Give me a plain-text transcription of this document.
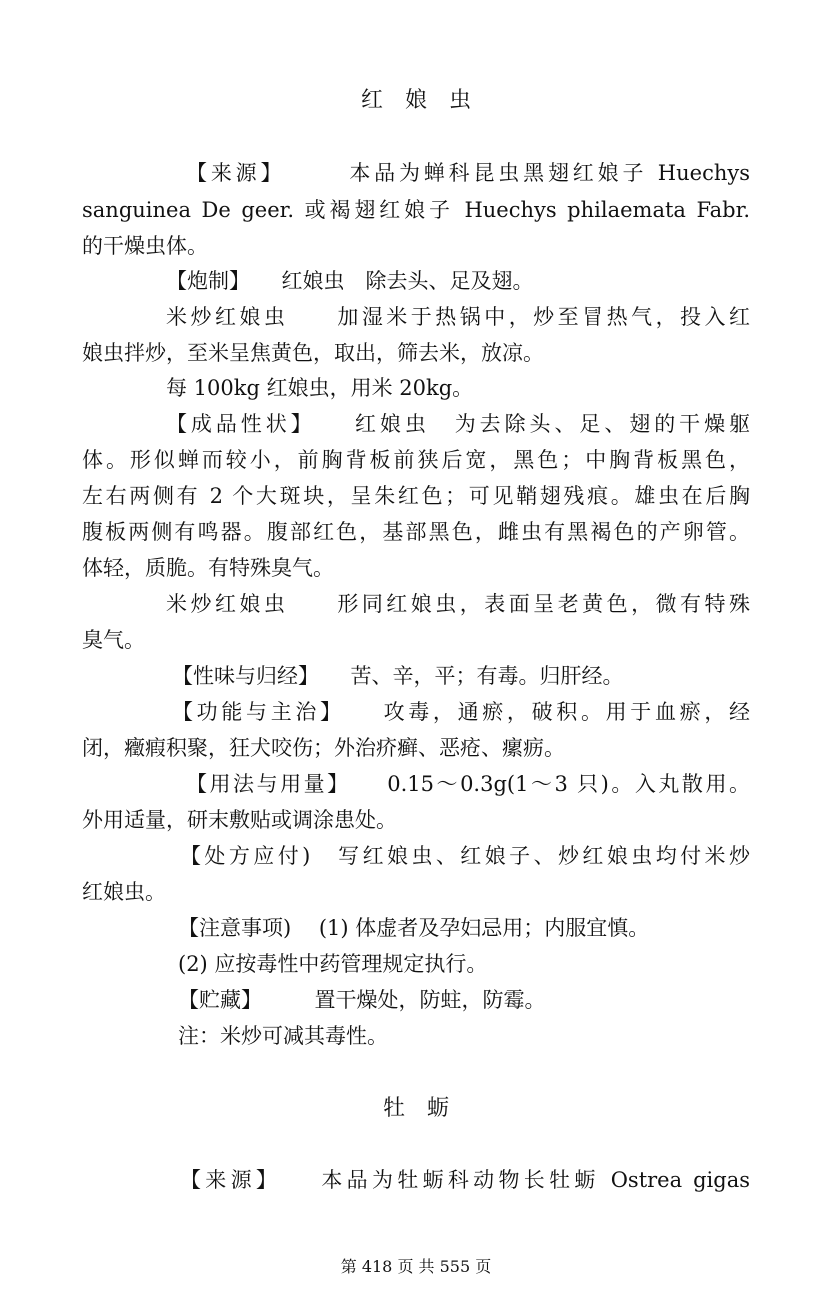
红　娘　虫
【来源】　　　本品为蝉科昆虫黑翅红娘子 Huechys
sanguinea De geer. 或褐翅红娘子 Huechys philaemata Fabr.
的干燥虫体。
【炮制】　　红娘虫　除去头、足及翅。
米炒红娘虫　　加湿米于热锅中，炒至冒热气，投入红
娘虫拌炒，至米呈焦黄色，取出，筛去米，放凉。
每 100kg 红娘虫，用米 20kg。
【成品性状】　　红娘虫　为去除头、足、翅的干燥躯
体。形似蝉而较小，前胸背板前狭后宽，黑色；中胸背板黑色，
左右两侧有 2 个大斑块，呈朱红色；可见鞘翅残痕。雄虫在后胸
腹板两侧有鸣器。腹部红色，基部黑色，雌虫有黑褐色的产卵管。
体轻，质脆。有特殊臭气。
米炒红娘虫　　形同红娘虫，表面呈老黄色，微有特殊
臭气。
【性味与归经】　　苦、辛，平；有毒。归肝经。
【功能与主治】　　攻毒，通瘀，破积。用于血瘀，经
闭，癥瘕积聚，狂犬咬伤；外治疥癣、恶疮、瘰疬。
【用法与用量】　　0.15～0.3g(1～3 只)。入丸散用。
外用适量，研末敷贴或调涂患处。
【处方应付)　写红娘虫、红娘子、炒红娘虫均付米炒
红娘虫。
【注意事项)　 (1) 体虚者及孕妇忌用；内服宜慎。
(2) 应按毒性中药管理规定执行。
【贮藏】　　　置干燥处，防蛀，防霉。
注：米炒可减其毒性。
牡　蛎
【来源】　　本品为牡蛎科动物长牡蛎 Ostrea gigas
第 418 页 共 555 页
